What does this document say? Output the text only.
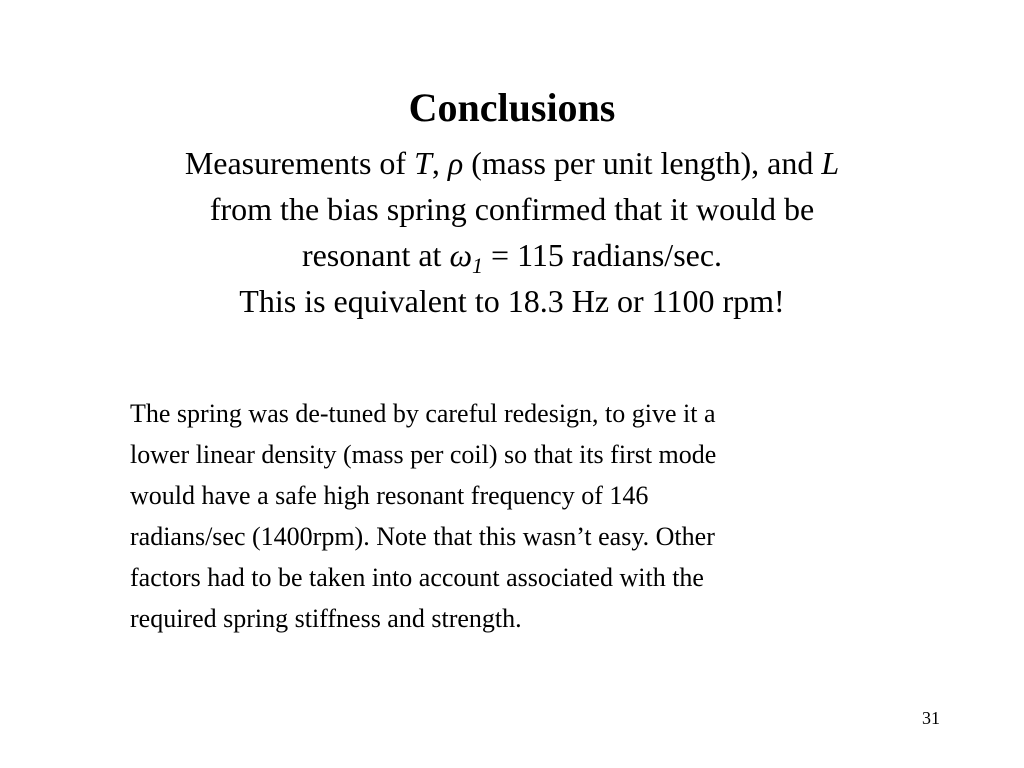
Conclusions
Measurements of T, ρ (mass per unit length), and L
from the bias spring confirmed that it would be
resonant at $\omega_1 = 115$ radians/sec.
This is equivalent to 18.3 Hz or 1100 rpm!
The spring was de-tuned by careful redesign, to give it a
lower linear density (mass per coil) so that its first mode
would have a safe high resonant frequency of 146
radians/sec (1400rpm). Note that this wasn’t easy. Other
factors had to be taken into account associated with the
required spring stiffness and strength.
31
